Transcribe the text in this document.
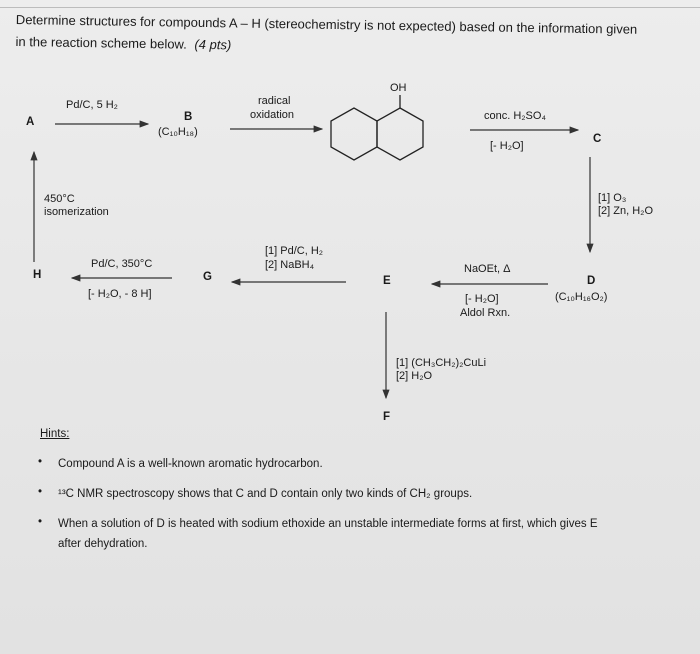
Determine structures for compounds A – H (stereochemistry is not expected) based on the information given
in the reaction scheme below. (4 pts)
OH
A	B
(C₁₀H₁₈)
C
D
(C₁₀H₁₆O₂)
E
F
G
H
Pd/C, 5 H₂	radical
oxidation	conc. H₂SO₄
[- H₂O]
[1] O₃
[2] Zn, H₂O
NaOEt, Δ
[- H₂O]
Aldol Rxn.
[1] Pd/C, H₂
[2] NaBH₄
[1] (CH₃CH₂)₂CuLi
[2] H₂O
Pd/C, 350°C
[- H₂O, - 8 H]
450°C
isomerization
Hints:
• Compound A is a well-known aromatic hydrocarbon.
• ¹³C NMR spectroscopy shows that C and D contain only two kinds of CH₂ groups.
• When a solution of D is heated with sodium ethoxide an unstable intermediate forms at first, which gives E
after dehydration.
